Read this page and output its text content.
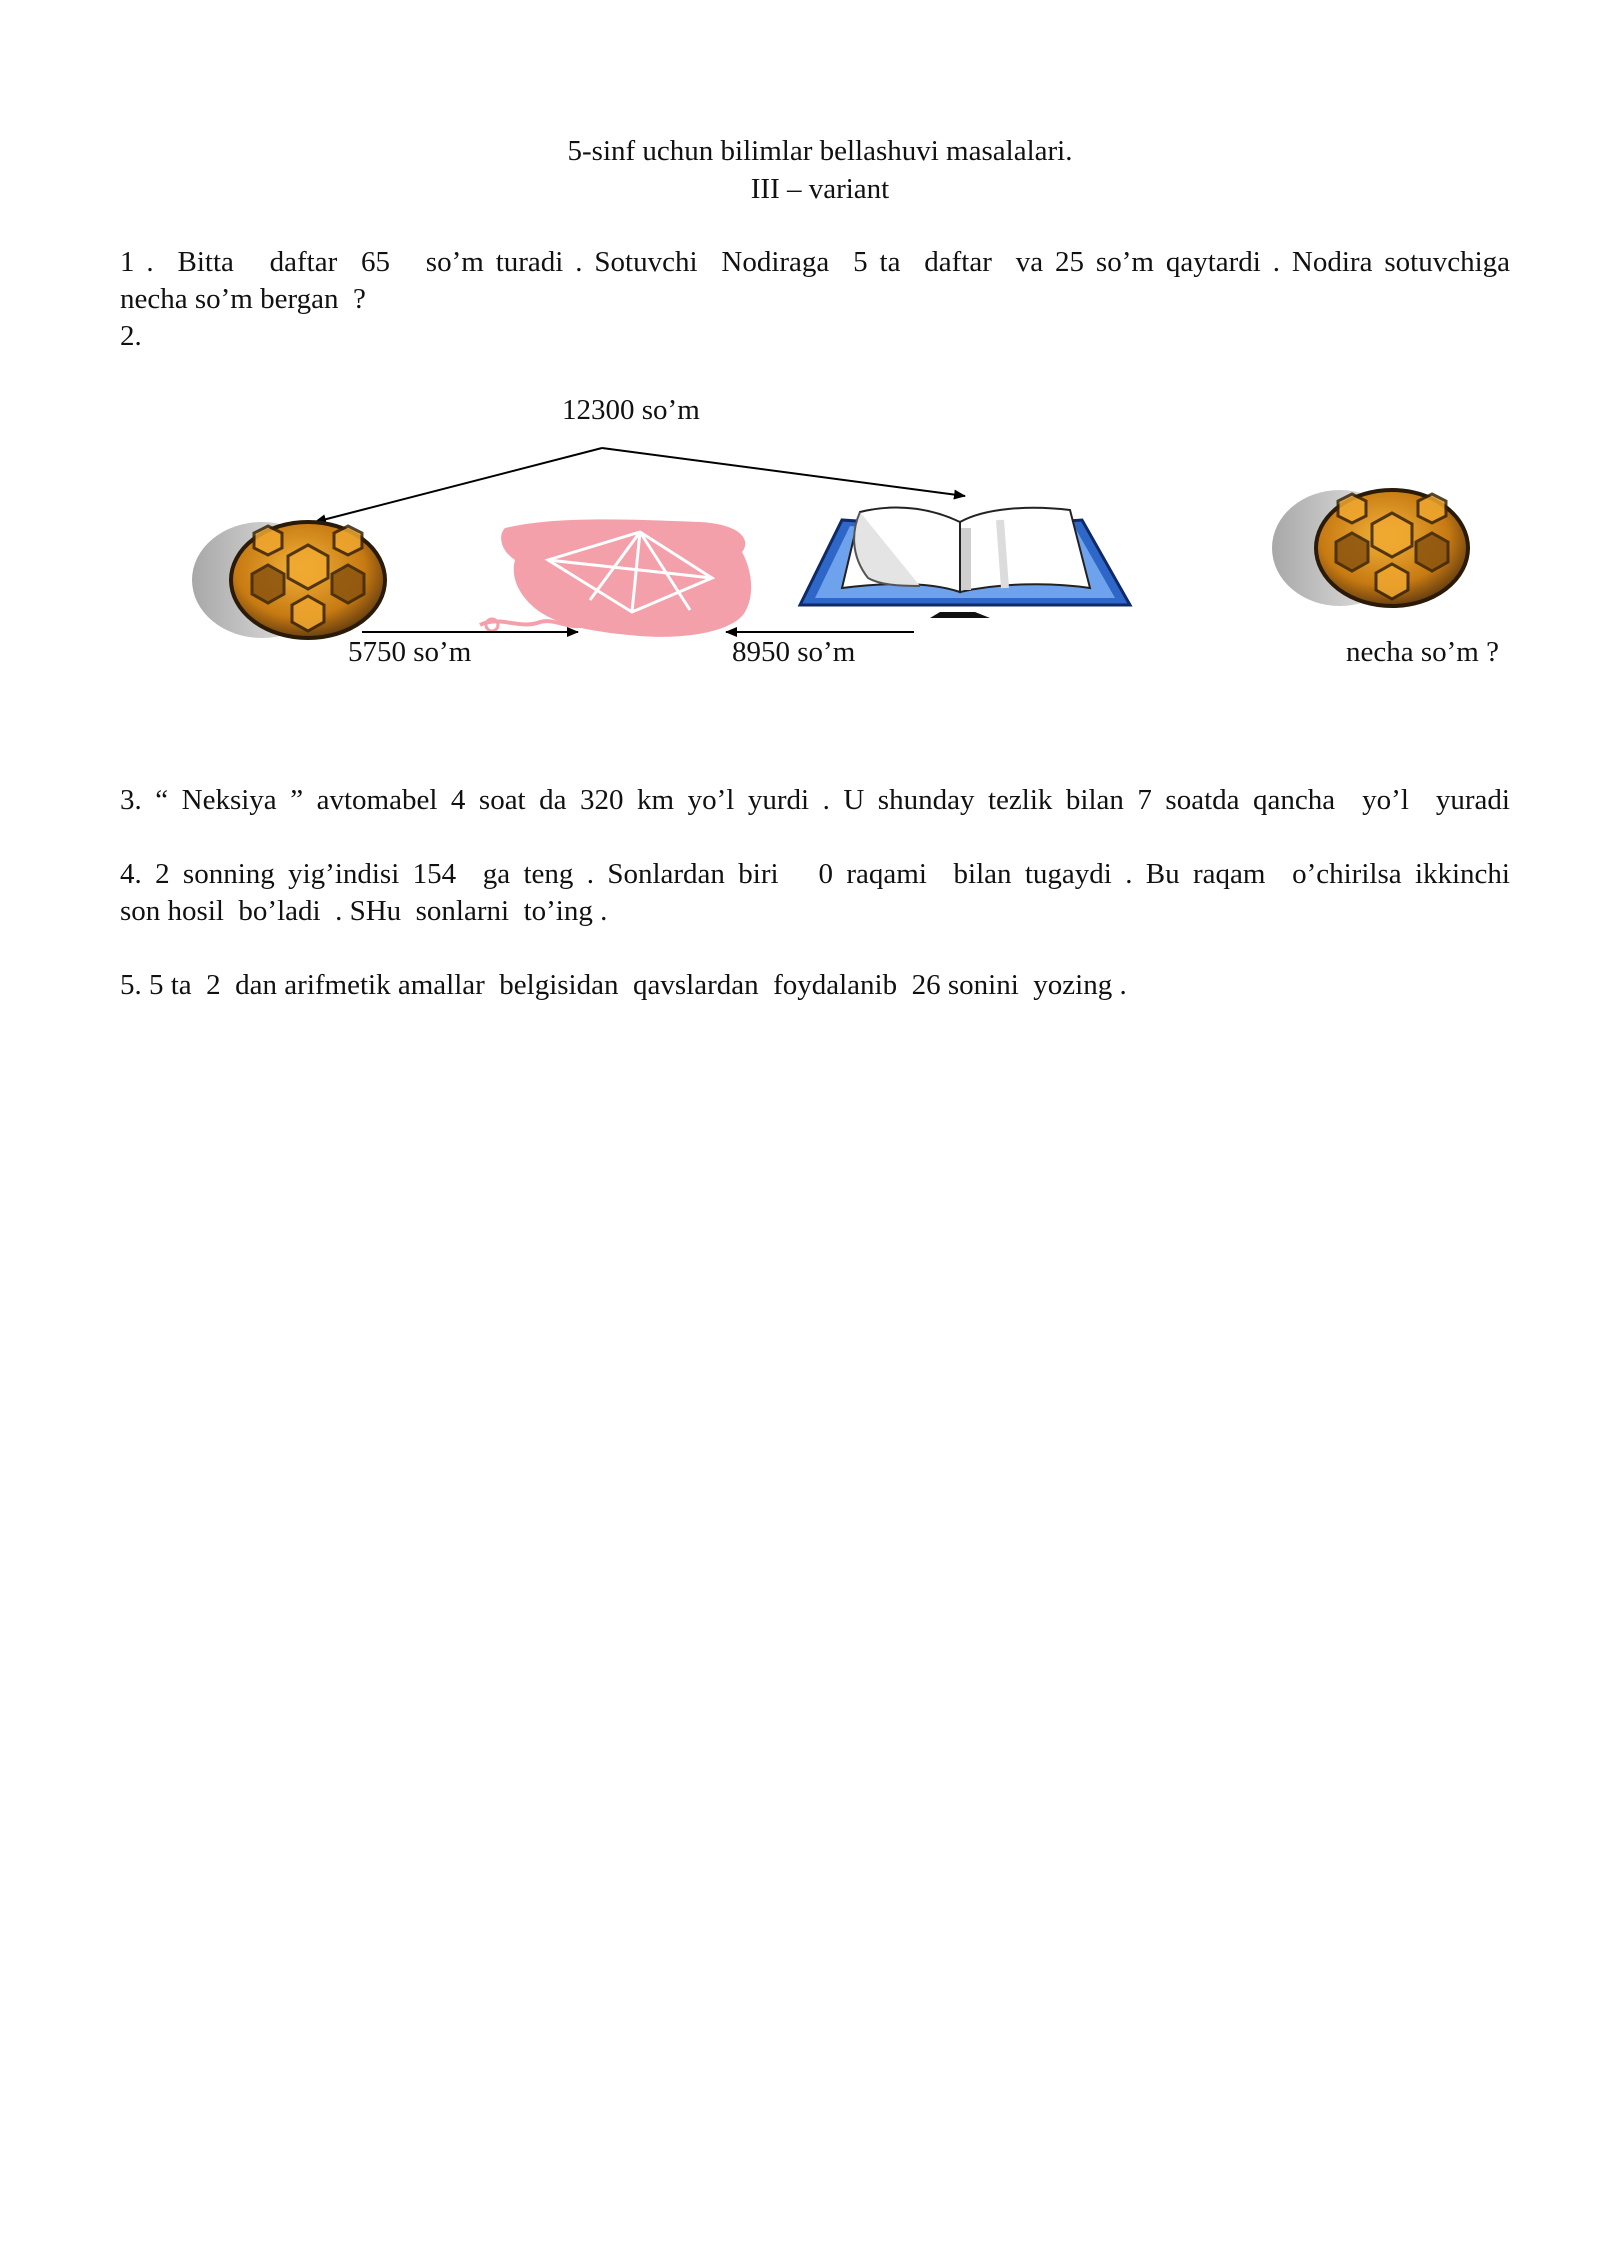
5-sinf uchun bilimlar bellashuvi masalalari.
III – variant
1 .  Bitta   daftar  65   so’m turadi . Sotuvchi  Nodiraga  5 ta  daftar  va 25 so’m qaytardi . Nodira sotuvchiga
necha so’m bergan  ?
2.
12300 so’m
5750 so’m	8950 so’m	necha so’m ?
3. “ Neksiya ” avtomabel 4 soat da 320 km yo’l yurdi . U shunday tezlik bilan 7 soatda qancha  yo’l  yuradi
4. 2 sonning yig’indisi 154  ga teng . Sonlardan biri   0 raqami  bilan tugaydi . Bu raqam  o’chirilsa ikkinchi
son hosil  bo’ladi  . SHu  sonlarni  to’ing .
5. 5 ta  2  dan arifmetik amallar  belgisidan  qavslardan  foydalanib  26 sonini  yozing .
